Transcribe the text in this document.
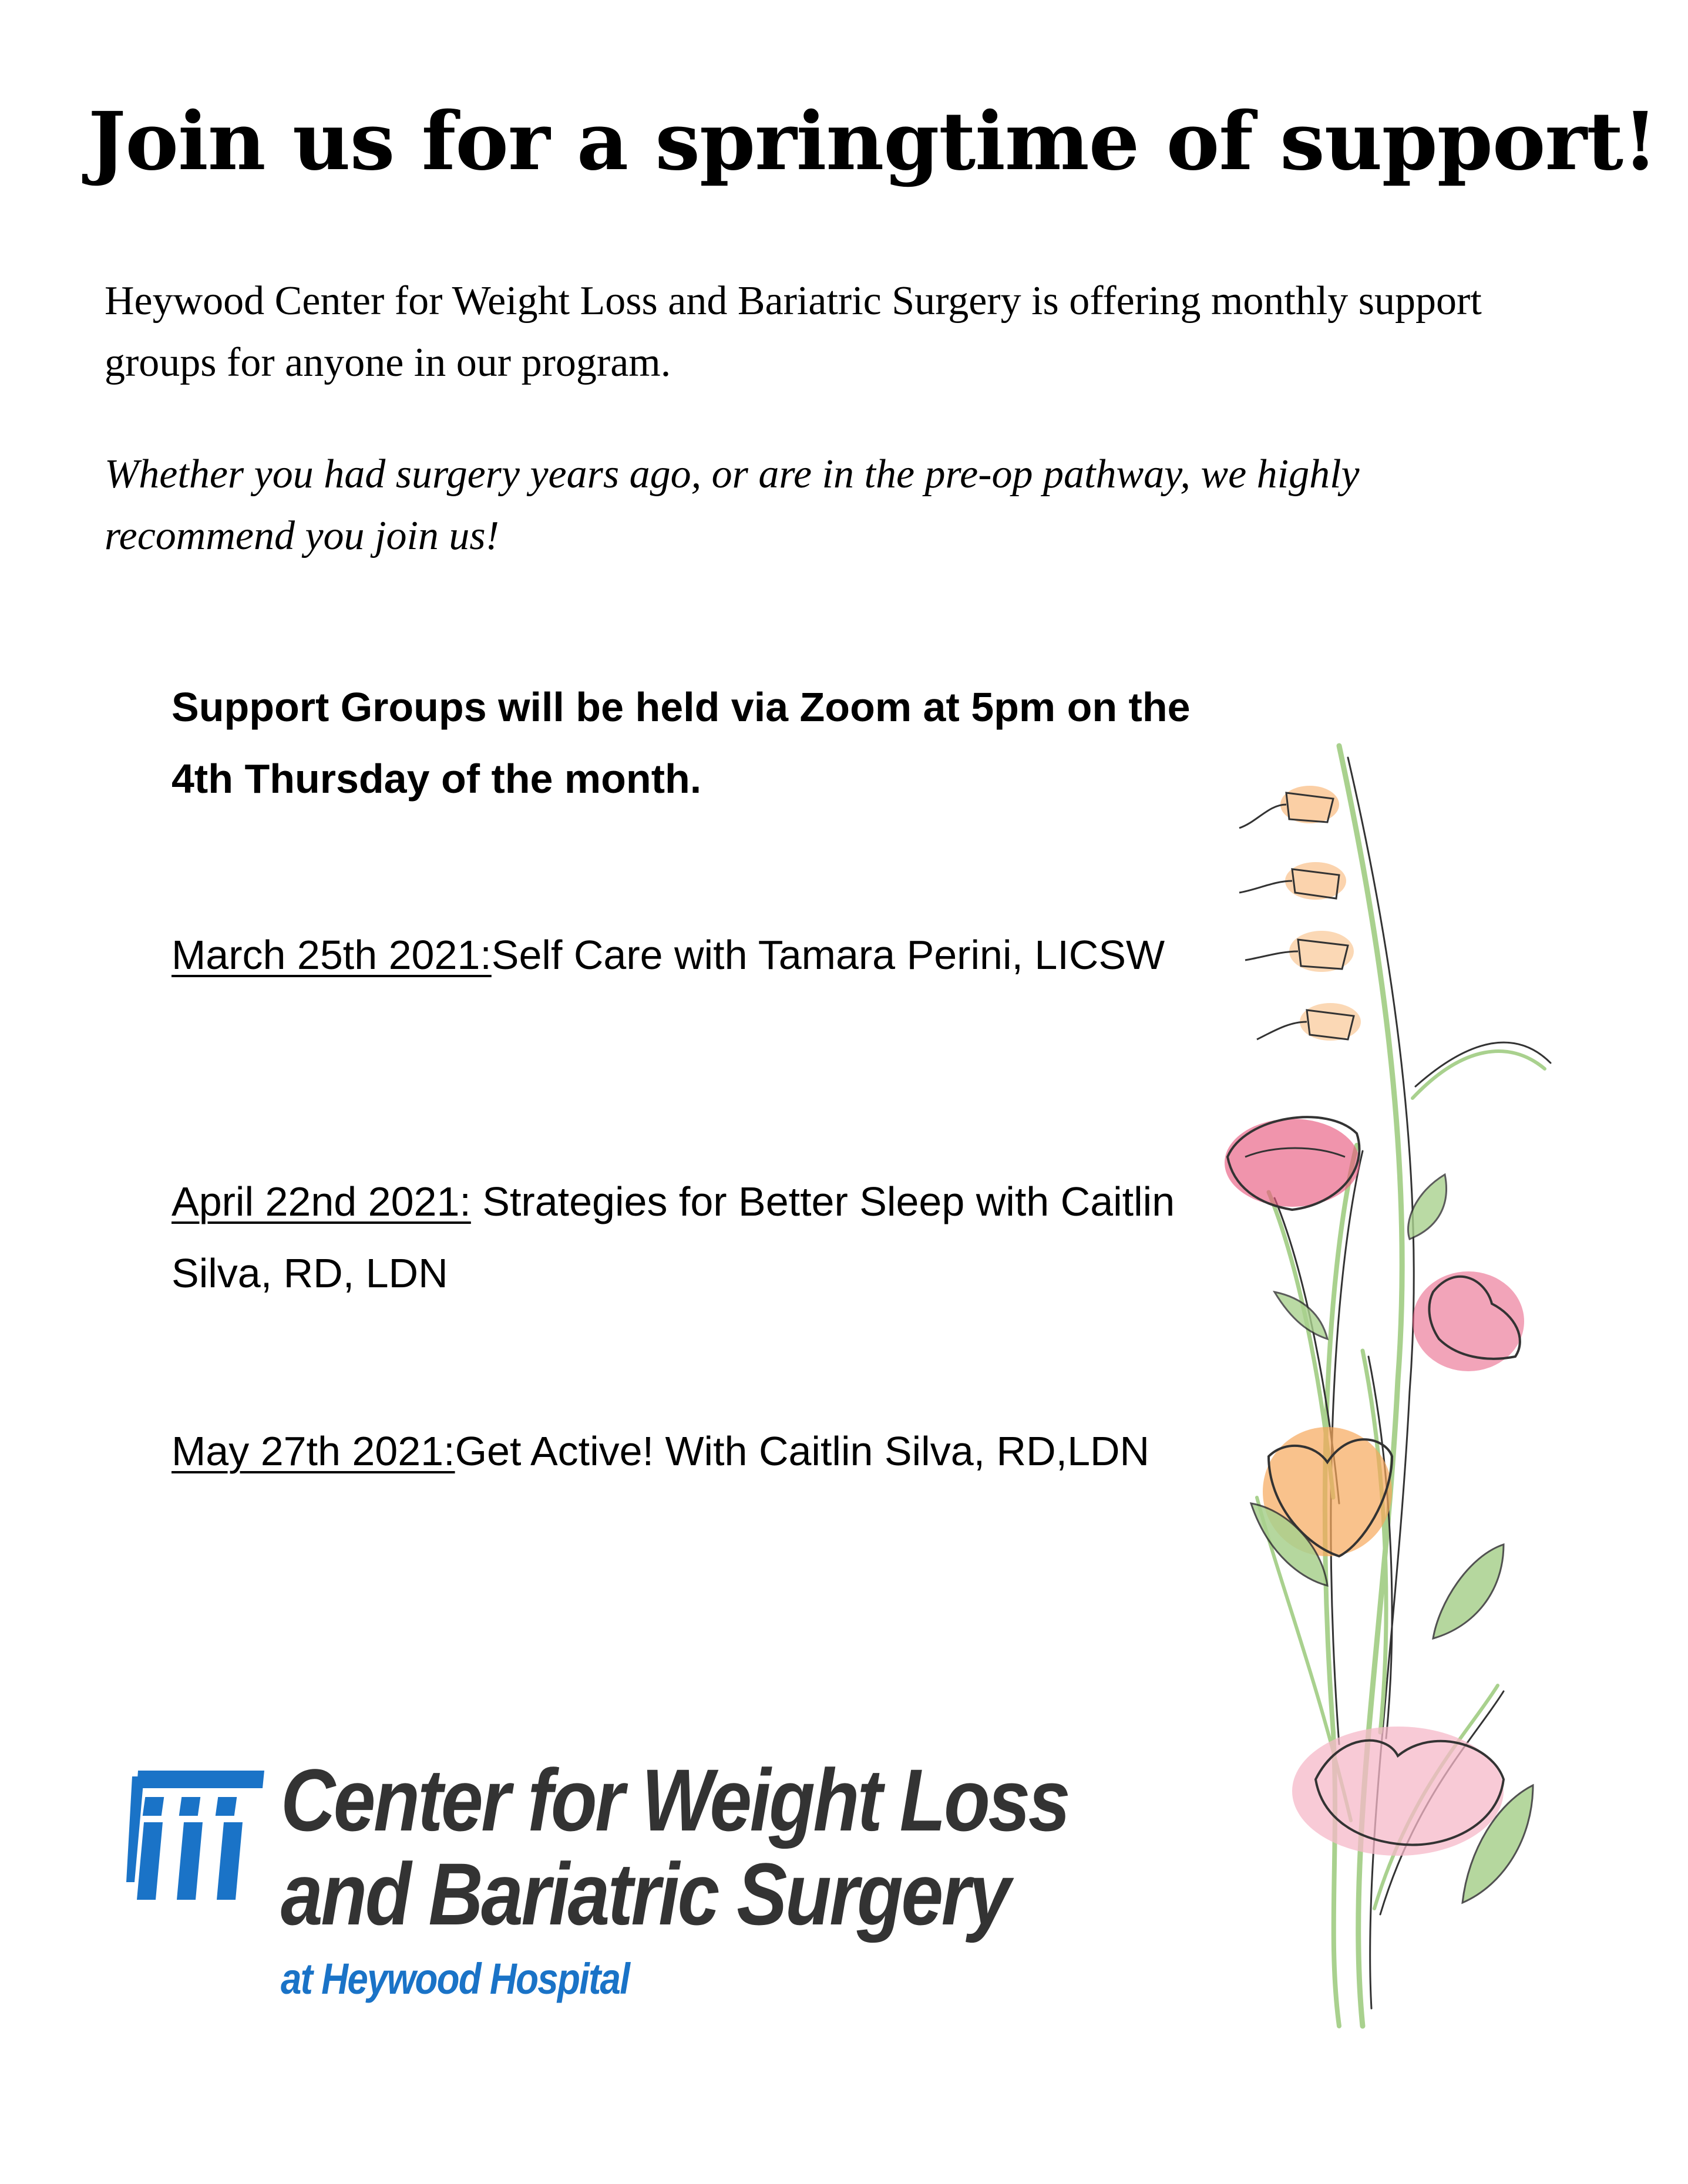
Join us for a springtime of support!
Heywood Center for Weight Loss and Bariatric Surgery is offering monthly support groups for anyone in our program.
Whether you had surgery years ago, or are in the pre-op pathway, we highly recommend you join us!
Support Groups will be held via Zoom at 5pm on the 4th Thursday of the month.
March 25th 2021:Self Care with Tamara Perini, LICSW
April 22nd 2021: Strategies for Better Sleep with Caitlin Silva, RD, LDN
May 27th 2021:Get Active! With Caitlin Silva, RD,LDN
Center for Weight Loss
and Bariatric Surgery
at Heywood Hospital
